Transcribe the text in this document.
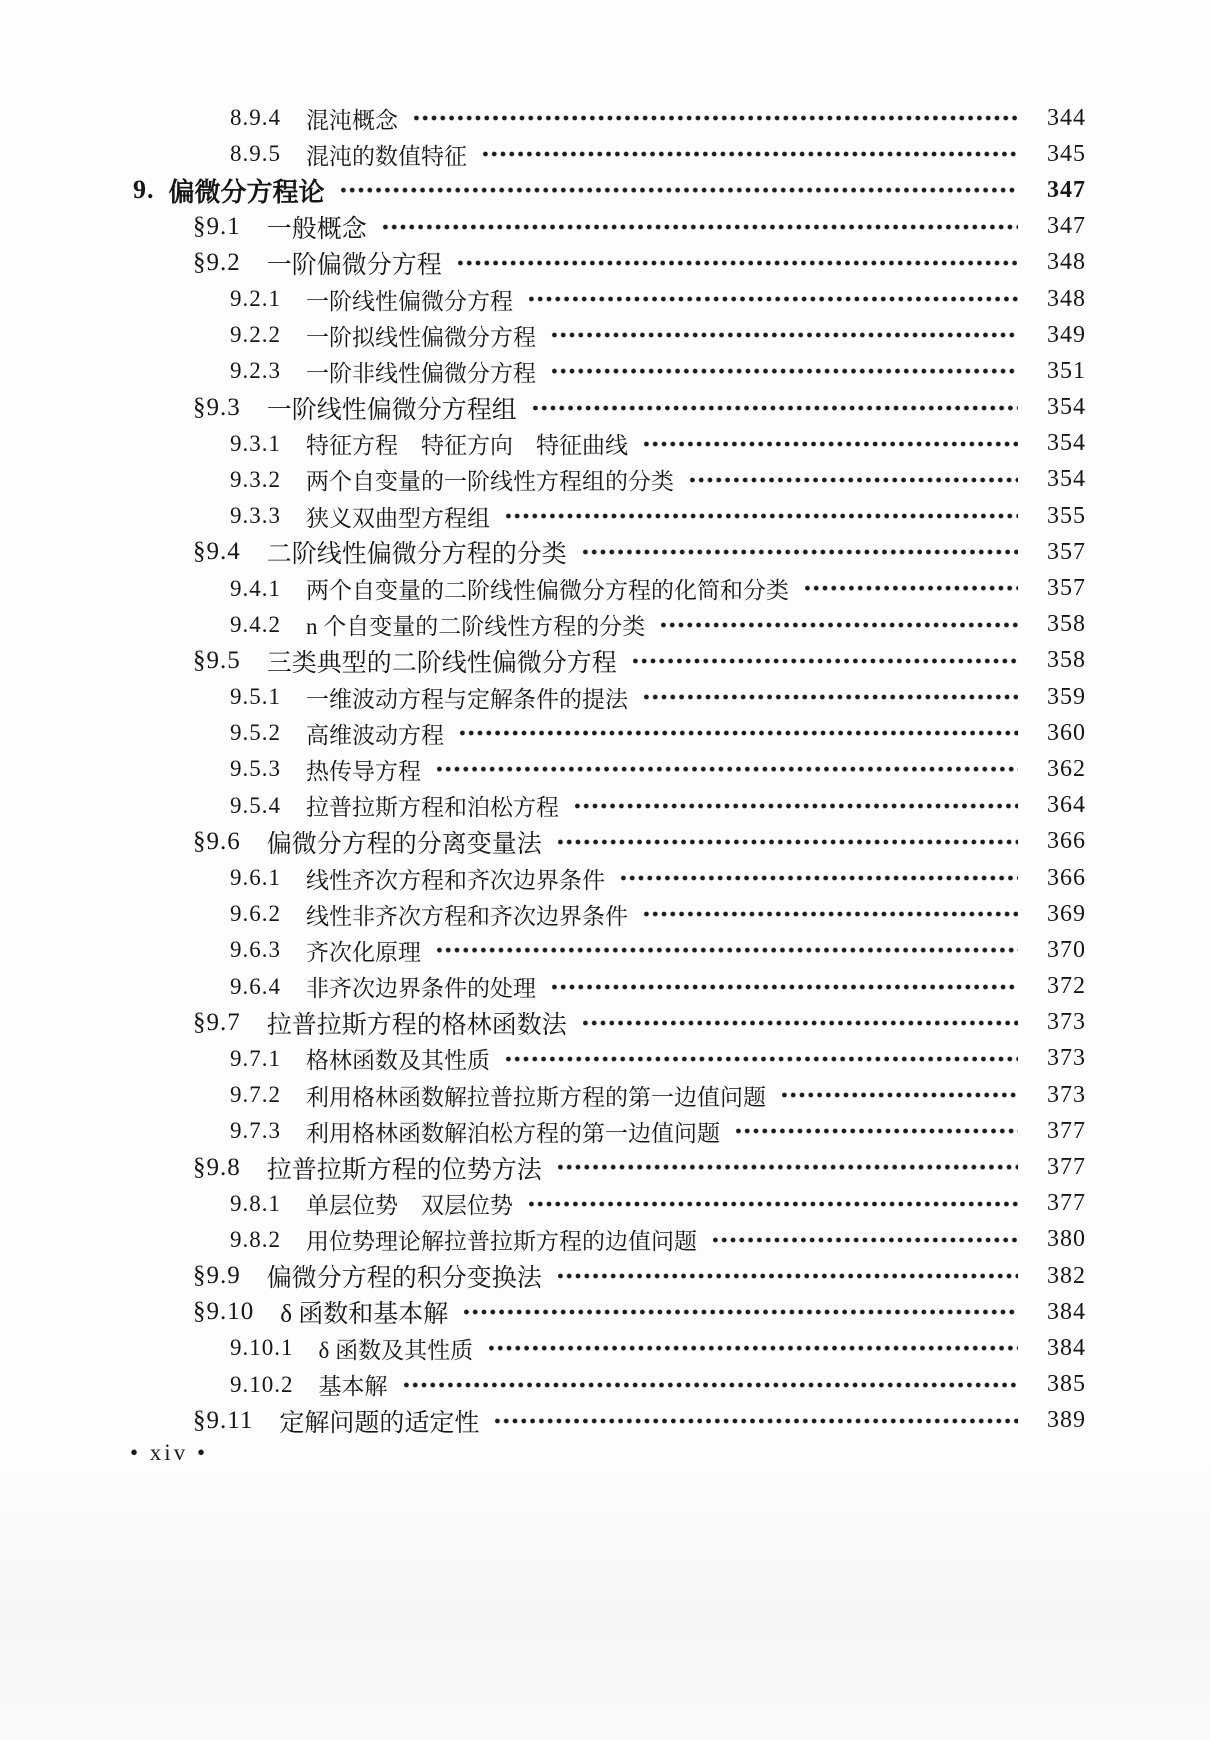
8.9.4 混沌概念	344
8.9.5 混沌的数值特征	345
9. 偏微分方程论	347
§9.1 一般概念	347
§9.2 一阶偏微分方程	348
9.2.1 一阶线性偏微分方程	348
9.2.2 一阶拟线性偏微分方程	349
9.2.3 一阶非线性偏微分方程	351
§9.3 一阶线性偏微分方程组	354
9.3.1 特征方程　特征方向　特征曲线	354
9.3.2 两个自变量的一阶线性方程组的分类	354
9.3.3 狭义双曲型方程组	355
§9.4 二阶线性偏微分方程的分类	357
9.4.1 两个自变量的二阶线性偏微分方程的化简和分类	357
9.4.2 n 个自变量的二阶线性方程的分类	358
§9.5 三类典型的二阶线性偏微分方程	358
9.5.1 一维波动方程与定解条件的提法	359
9.5.2 高维波动方程	360
9.5.3 热传导方程	362
9.5.4 拉普拉斯方程和泊松方程	364
§9.6 偏微分方程的分离变量法	366
9.6.1 线性齐次方程和齐次边界条件	366
9.6.2 线性非齐次方程和齐次边界条件	369
9.6.3 齐次化原理	370
9.6.4 非齐次边界条件的处理	372
§9.7 拉普拉斯方程的格林函数法	373
9.7.1 格林函数及其性质	373
9.7.2 利用格林函数解拉普拉斯方程的第一边值问题	373
9.7.3 利用格林函数解泊松方程的第一边值问题	377
§9.8 拉普拉斯方程的位势方法	377
9.8.1 单层位势　双层位势	377
9.8.2 用位势理论解拉普拉斯方程的边值问题	380
§9.9 偏微分方程的积分变换法	382
§9.10 δ 函数和基本解	384
9.10.1 δ 函数及其性质	384
9.10.2 基本解	385
§9.11 定解问题的适定性	389
• xiv •
